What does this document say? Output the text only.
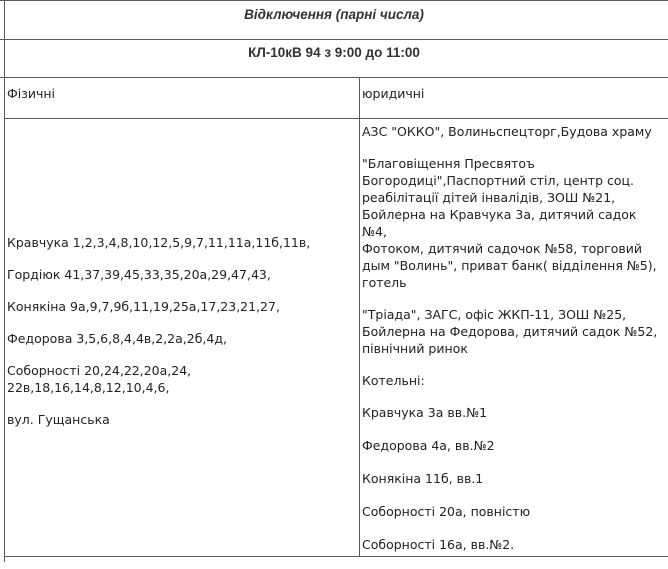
Відключення (парні числа)
КЛ-10кВ 94 з 9:00 до 11:00
Фізичні	юридичні
Кравчука 1,2,3,4,8,10,12,5,9,7,11,11а,11б,11в,
Гордіюк 41,37,39,45,33,35,20а,29,47,43,
Конякіна 9а,9,7,9б,11,19,25а,17,23,21,27,
Федорова 3,5,6,8,4,4в,2,2а,2б,4д,
Соборності 20,24,22,20а,24,
22в,18,16,14,8,12,10,4,6,
вул. Гущанська
АЗС "ОККО", Волиньспецторг,Будова храму
"Благовіщення Пресвятоъ
Богородиці",Паспортний стіл, центр соц.
реабілітації дітей інвалідів, ЗОШ №21,
Бойлерна на Кравчука 3а, дитячий садок №4,
Фотоком, дитячий садочок №58, торговий
дым "Волинь", приват банк( відділення №5),
готель
"Тріада", ЗАГС, офіс ЖКП-11, ЗОШ №25,
Бойлерна на Федорова, дитячий садок №52,
північний ринок
Котельні:
Кравчука 3а вв.№1
Федорова 4а, вв.№2
Конякіна 11б, вв.1
Соборності 20а, повністю
Соборності 16а, вв.№2.
